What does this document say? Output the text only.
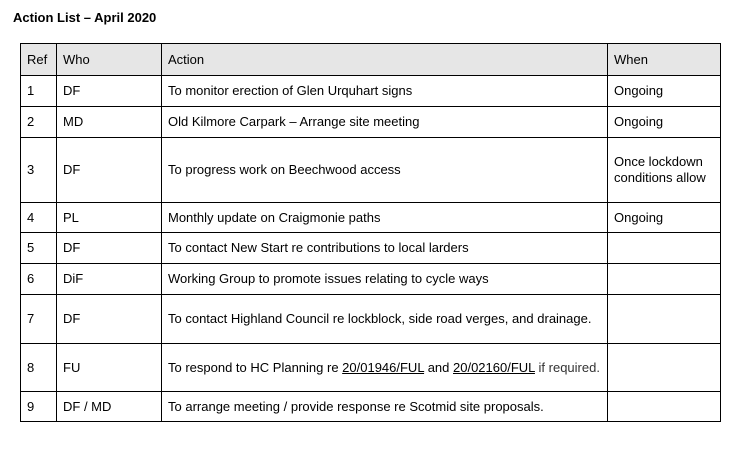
Action List – April 2020
Ref	Who	Action	When
1	DF	To monitor erection of Glen Urquhart signs	Ongoing
2	MD	Old Kilmore Carpark – Arrange site meeting	Ongoing
3	DF	To progress work on Beechwood access	Once lockdown conditions allow
4	PL	Monthly update on Craigmonie paths	Ongoing
5	DF	To contact New Start re contributions to local larders	
6	DiF	Working Group to promote issues relating to cycle ways	
7	DF	To contact Highland Council re lockblock, side road verges, and drainage.	
8	FU	To respond to HC Planning re 20/01946/FUL and 20/02160/FUL if required.	
9	DF / MD	To arrange meeting / provide response re Scotmid site proposals.	
